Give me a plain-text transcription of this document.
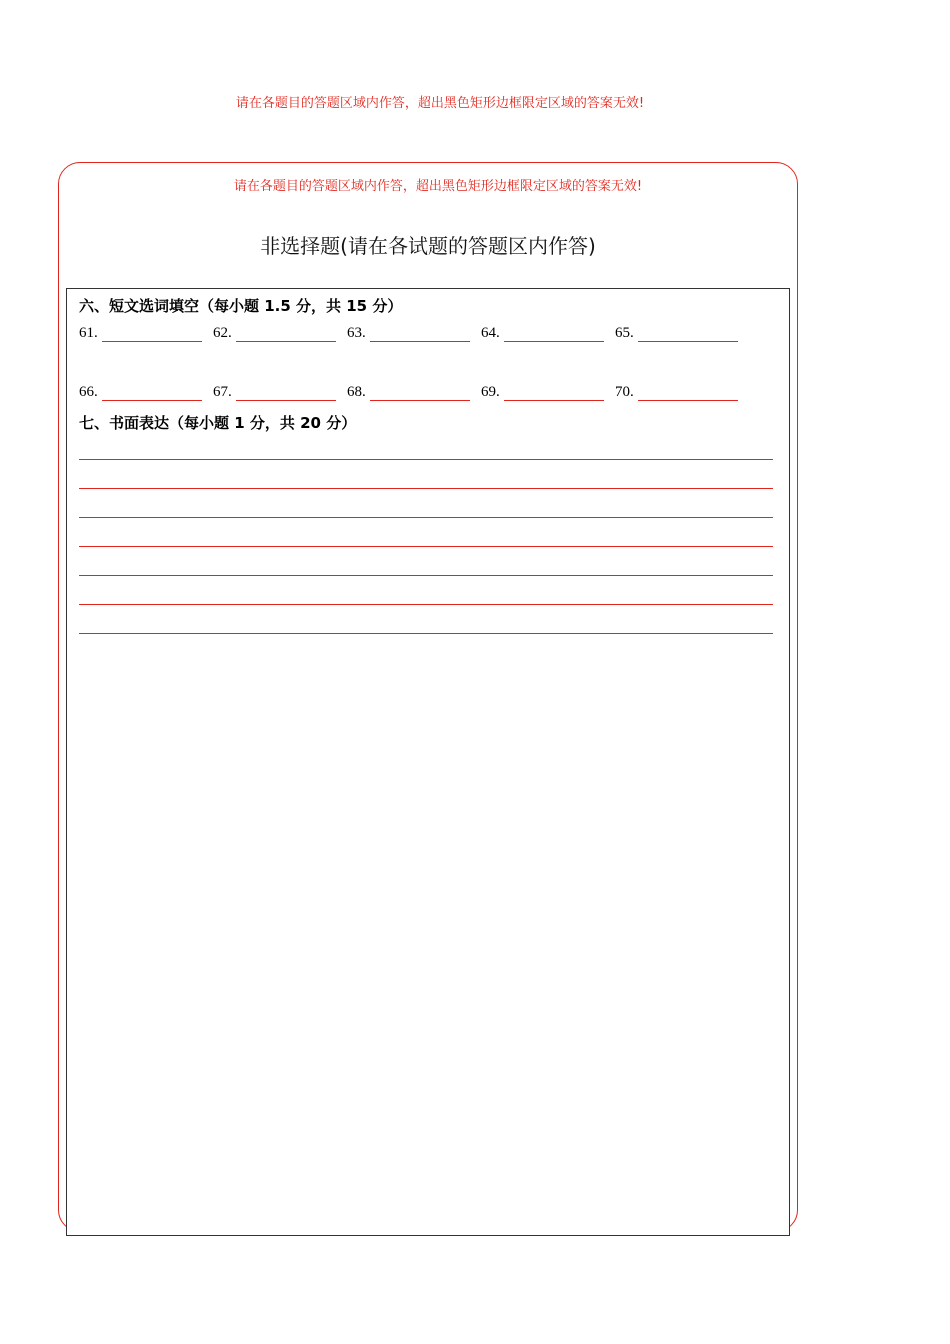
请在各题目的答题区域内作答，超出黑色矩形边框限定区域的答案无效!
请在各题目的答题区域内作答，超出黑色矩形边框限定区域的答案无效!
非选择题(请在各试题的答题区内作答)
六、短文选词填空（每小题 1.5 分，共 15 分）
61.	62.	63.	64.	65.
66.	67.	68.	69.	70.
七、书面表达（每小题 1 分，共 20 分）
